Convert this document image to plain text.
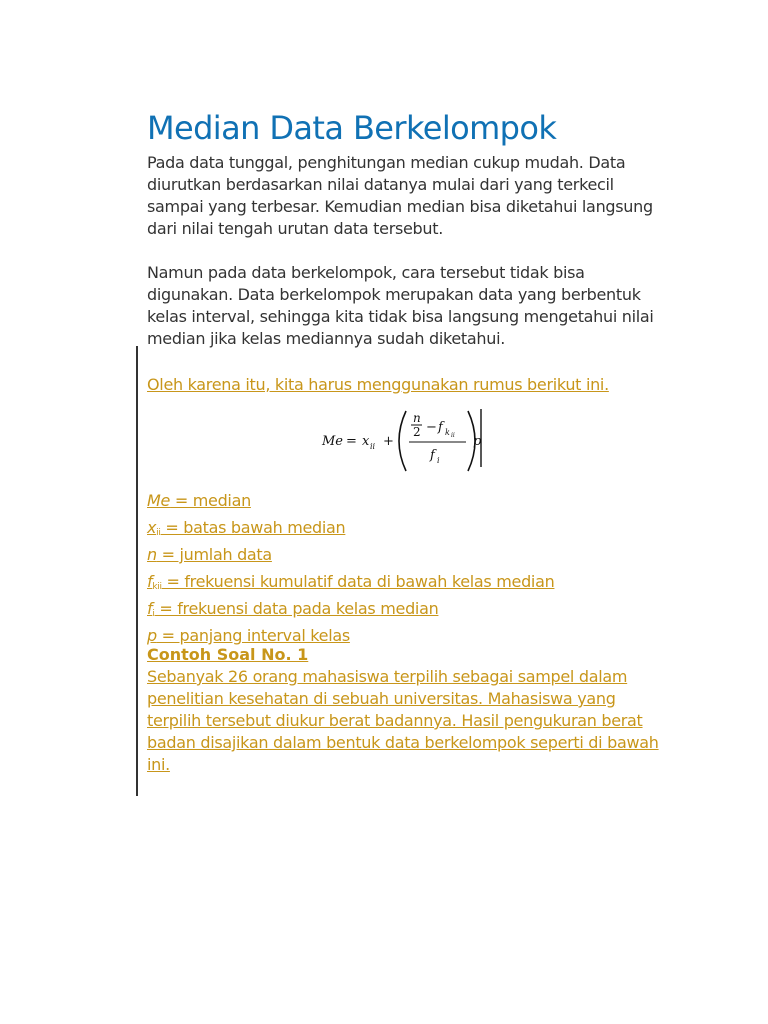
Median Data Berkelompok

Pada data tunggal, penghitungan median cukup mudah. Data
diurutkan berdasarkan nilai datanya mulai dari yang terkecil
sampai yang terbesar. Kemudian median bisa diketahui langsung
dari nilai tengah urutan data tersebut.

Namun pada data berkelompok, cara tersebut tidak bisa
digunakan. Data berkelompok merupakan data yang berbentuk
kelas interval, sehingga kita tidak bisa langsung mengetahui nilai
median jika kelas mediannya sudah diketahui.

Oleh karena itu, kita harus menggunakan rumus berikut ini.

Me = x ii +
n
2 − f k ii
f i
p
Me = median
$x_{ii}$ = batas bawah median
n = jumlah data
$f_{kii}$ = frekuensi kumulatif data di bawah kelas median
$f_i$ = frekuensi data pada kelas median
p = panjang interval kelas
Contoh Soal No. 1
Sebanyak 26 orang mahasiswa terpilih sebagai sampel dalam
penelitian kesehatan di sebuah universitas. Mahasiswa yang
terpilih tersebut diukur berat badannya. Hasil pengukuran berat
badan disajikan dalam bentuk data berkelompok seperti di bawah
ini.
